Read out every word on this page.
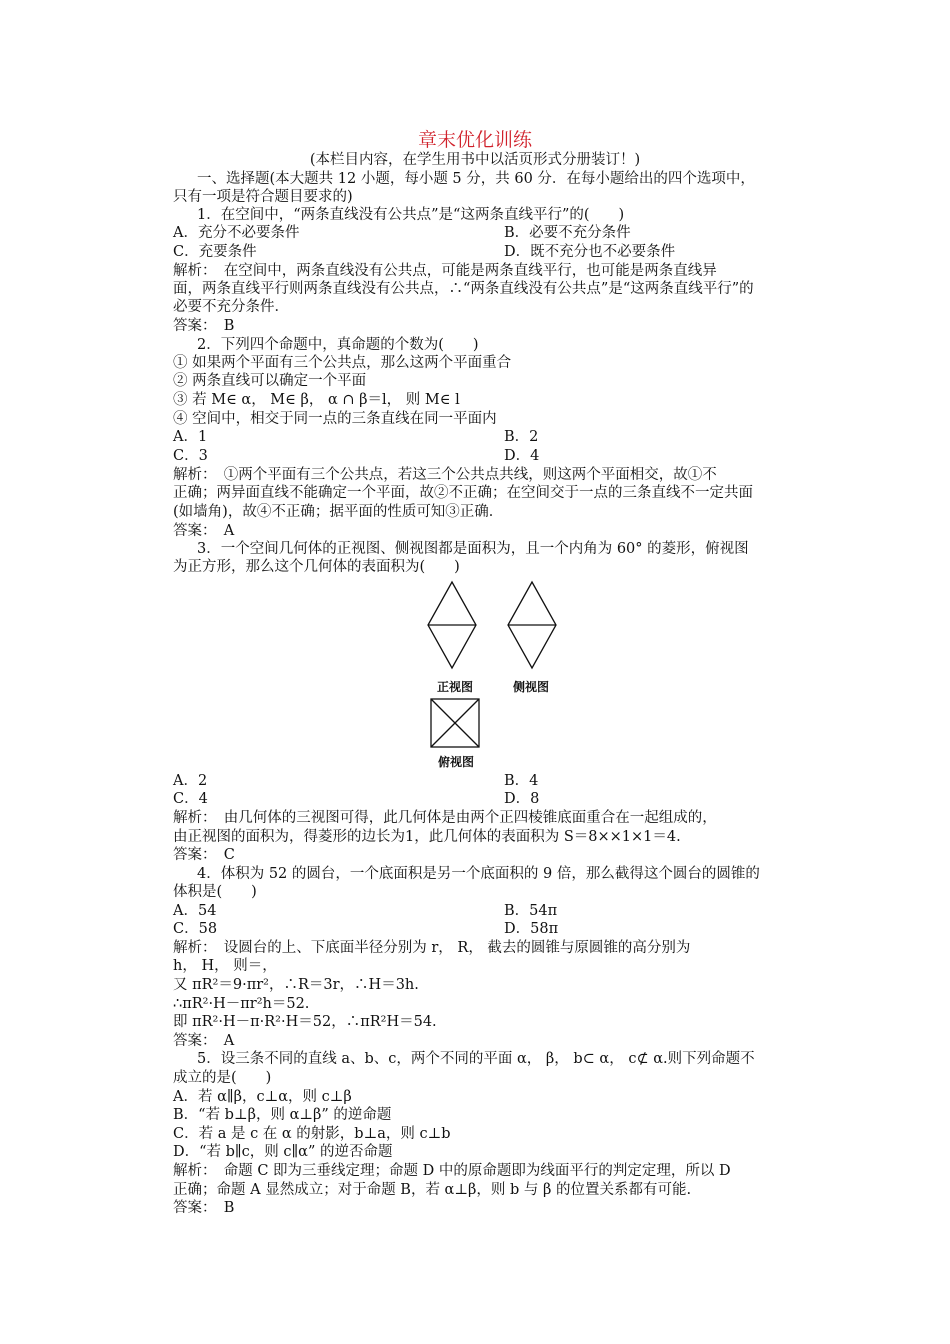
章末优化训练
(本栏目内容，在学生用书中以活页形式分册装订！)
一、选择题(本大题共 12 小题，每小题 5 分，共 60 分．在每小题给出的四个选项中，
只有一项是符合题目要求的)
1．在空间中，“两条直线没有公共点”是“这两条直线平行”的(　　)
A．充分不必要条件	B．必要不充分条件
C．充要条件	D．既不充分也不必要条件
解析：　在空间中，两条直线没有公共点，可能是两条直线平行，也可能是两条直线异
面，两条直线平行则两条直线没有公共点，∴“两条直线没有公共点”是“这两条直线平行”的
必要不充分条件．
答案：　B
2．下列四个命题中，真命题的个数为(　　)
① 如果两个平面有三个公共点，那么这两个平面重合
② 两条直线可以确定一个平面
③ 若 M∈ α， M∈ β， α ∩ β＝l， 则 M∈ l
④ 空间中，相交于同一点的三条直线在同一平面内
A．1	B．2
C．3	D．4
解析：　①两个平面有三个公共点，若这三个公共点共线，则这两个平面相交，故①不
正确；两异面直线不能确定一个平面，故②不正确；在空间交于一点的三条直线不一定共面
(如墙角)，故④不正确；据平面的性质可知③正确．
答案：　A
3．一个空间几何体的正视图、侧视图都是面积为，且一个内角为 60° 的菱形，俯视图
为正方形，那么这个几何体的表面积为(　　)
正视图	侧视图
俯视图
A．2	B．4
C．4	D．8
解析：　由几何体的三视图可得，此几何体是由两个正四棱锥底面重合在一起组成的，
由正视图的面积为，得菱形的边长为1，此几何体的表面积为 S＝8××1×1＝4.
答案：　C
4．体积为 52 的圆台，一个底面积是另一个底面积的 9 倍，那么截得这个圆台的圆锥的
体积是(　　)
A．54	B．54π
C．58	D．58π
解析：　设圆台的上、下底面半径分别为 r， R， 截去的圆锥与原圆锥的高分别为
h， H， 则＝，
又 πR²＝9·πr²，∴R＝3r，∴H＝3h.
∴πR²·H－πr²h＝52.
即 πR²·H－π·R²·H＝52，∴πR²H＝54.
答案：　A
5．设三条不同的直线 a、b、c，两个不同的平面 α， β， b⊂ α， c⊄ α.则下列命题不
成立的是(　　)
A．若 α∥β，c⊥α，则 c⊥β
B．“若 b⊥β，则 α⊥β” 的逆命题
C．若 a 是 c 在 α 的射影，b⊥a，则 c⊥b
D．“若 b∥c，则 c∥α” 的逆否命题
解析：　命题 C 即为三垂线定理；命题 D 中的原命题即为线面平行的判定定理，所以 D
正确；命题 A 显然成立；对于命题 B，若 α⊥β，则 b 与 β 的位置关系都有可能.
答案：　B
